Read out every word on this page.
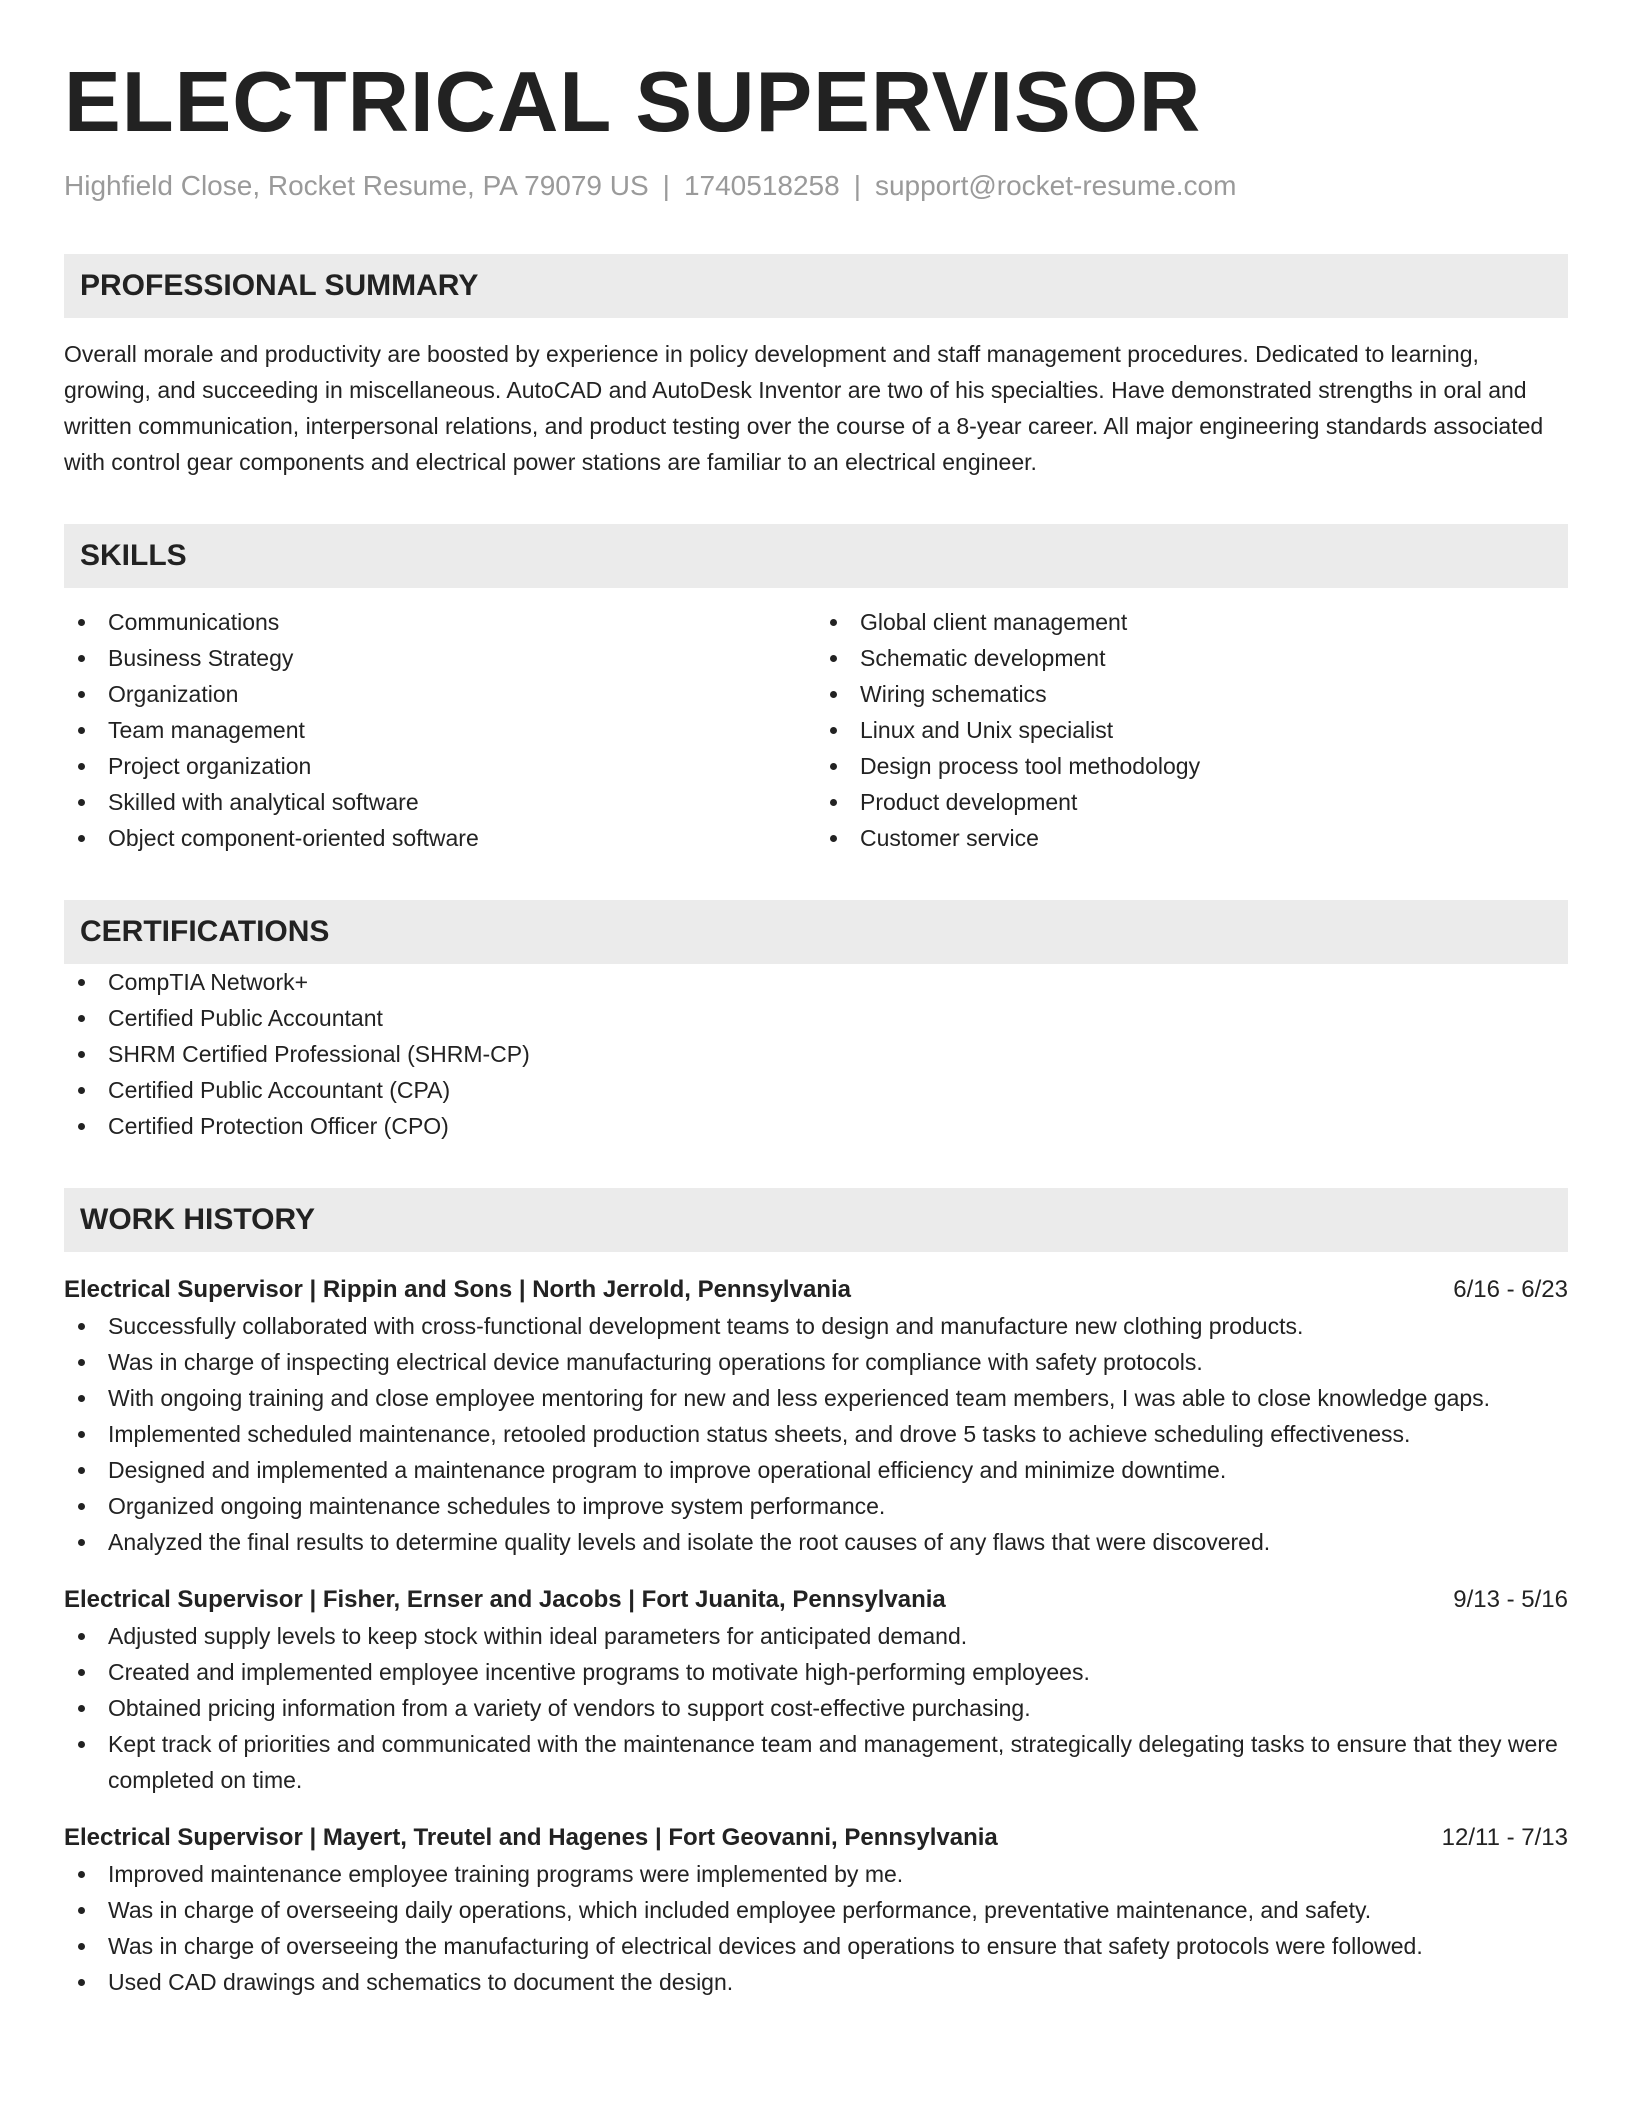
ELECTRICAL SUPERVISOR
Highfield Close, Rocket Resume, PA 79079 US | 1740518258 | support@rocket-resume.com
PROFESSIONAL SUMMARY
Overall morale and productivity are boosted by experience in policy development and staff management procedures. Dedicated to learning, growing, and succeeding in miscellaneous. AutoCAD and AutoDesk Inventor are two of his specialties. Have demonstrated strengths in oral and written communication, interpersonal relations, and product testing over the course of a 8-year career. All major engineering standards associated with control gear components and electrical power stations are familiar to an electrical engineer.
SKILLS
Communications
Business Strategy
Organization
Team management
Project organization
Skilled with analytical software
Object component-oriented software
Global client management
Schematic development
Wiring schematics
Linux and Unix specialist
Design process tool methodology
Product development
Customer service
CERTIFICATIONS
CompTIA Network+
Certified Public Accountant
SHRM Certified Professional (SHRM-CP)
Certified Public Accountant (CPA)
Certified Protection Officer (CPO)
WORK HISTORY
Electrical Supervisor | Rippin and Sons | North Jerrold, Pennsylvania	6/16 - 6/23
Successfully collaborated with cross-functional development teams to design and manufacture new clothing products.
Was in charge of inspecting electrical device manufacturing operations for compliance with safety protocols.
With ongoing training and close employee mentoring for new and less experienced team members, I was able to close knowledge gaps.
Implemented scheduled maintenance, retooled production status sheets, and drove 5 tasks to achieve scheduling effectiveness.
Designed and implemented a maintenance program to improve operational efficiency and minimize downtime.
Organized ongoing maintenance schedules to improve system performance.
Analyzed the final results to determine quality levels and isolate the root causes of any flaws that were discovered.
Electrical Supervisor | Fisher, Ernser and Jacobs | Fort Juanita, Pennsylvania	9/13 - 5/16
Adjusted supply levels to keep stock within ideal parameters for anticipated demand.
Created and implemented employee incentive programs to motivate high-performing employees.
Obtained pricing information from a variety of vendors to support cost-effective purchasing.
Kept track of priorities and communicated with the maintenance team and management, strategically delegating tasks to ensure that they were completed on time.
Electrical Supervisor | Mayert, Treutel and Hagenes | Fort Geovanni, Pennsylvania	12/11 - 7/13
Improved maintenance employee training programs were implemented by me.
Was in charge of overseeing daily operations, which included employee performance, preventative maintenance, and safety.
Was in charge of overseeing the manufacturing of electrical devices and operations to ensure that safety protocols were followed.
Used CAD drawings and schematics to document the design.
